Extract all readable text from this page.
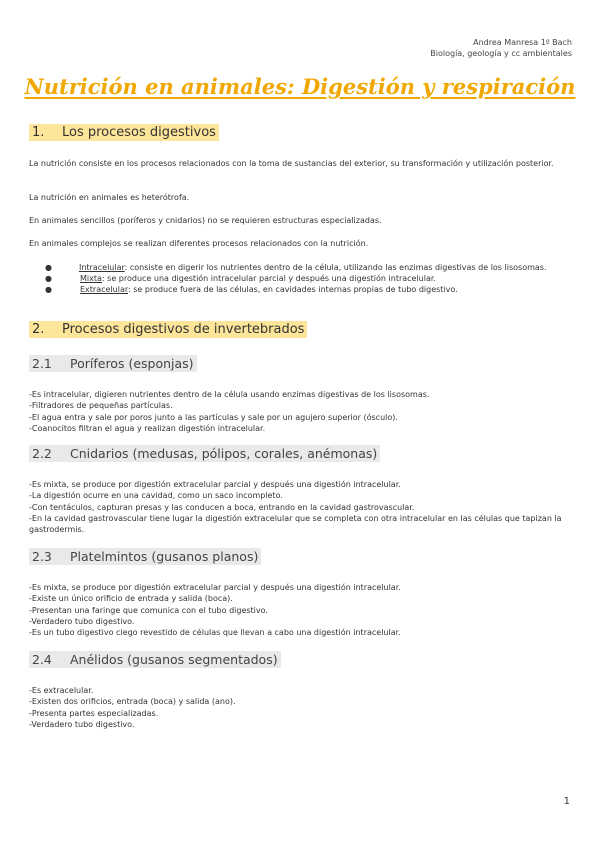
Andrea Manresa 1º Bach
Biología, geología y cc ambientales
Nutrición en animales: Digestión y respiración
1. Los procesos digestivos
La nutrición consiste en los procesos relacionados con la toma de sustancias del exterior, su transformación y utilización posterior.
La nutrición en animales es heterótrofa.
En animales sencillos (poríferos y cnidarios) no se requieren estructuras especializadas.
En animales complejos se realizan diferentes procesos relacionados con la nutrición.
●	Intracelular: consiste en digerir los nutrientes dentro de la célula, utilizando las enzimas digestivas de los lisosomas.
●	Mixta: se produce una digestión intracelular parcial y después una digestión intracelular.
●	Extracelular: se produce fuera de las células, en cavidades internas propias de tubo digestivo.
2. Procesos digestivos de invertebrados
2.1 Poríferos (esponjas)
-Es intracelular, digieren nutrientes dentro de la célula usando enzimas digestivas de los lisosomas.
-Filtradores de pequeñas partículas.
-El agua entra y sale por poros junto a las partículas y sale por un agujero superior (ósculo).
-Coanocitos filtran el agua y realizan digestión intracelular.
2.2 Cnidarios (medusas, pólipos, corales, anémonas)
-Es mixta, se produce por digestión extracelular parcial y después una digestión intracelular.
-La digestión ocurre en una cavidad, como un saco incompleto.
-Con tentáculos, capturan presas y las conducen a boca, entrando en la cavidad gastrovascular.
-En la cavidad gastrovascular tiene lugar la digestión extracelular que se completa con otra intracelular en las células que tapizan la gastrodermis.
2.3 Platelmintos (gusanos planos)
-Es mixta, se produce por digestión extracelular parcial y después una digestión intracelular.
-Existe un único orificio de entrada y salida (boca).
-Presentan una faringe que comunica con el tubo digestivo.
-Verdadero tubo digestivo.
-Es un tubo digestivo ciego revestido de células que llevan a cabo una digestión intracelular.
2.4 Anélidos (gusanos segmentados)
-Es extracelular.
-Existen dos orificios, entrada (boca) y salida (ano).
-Presenta partes especializadas.
-Verdadero tubo digestivo.
1
